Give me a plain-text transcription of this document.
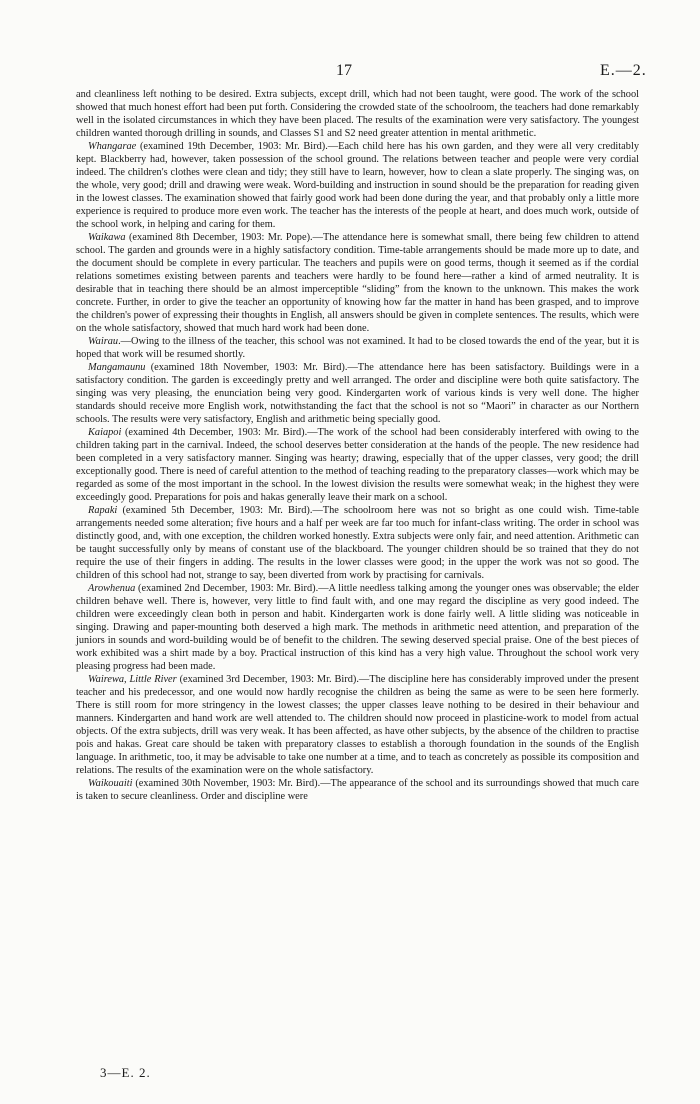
17	E.—2.

and cleanliness left nothing to be desired. Extra subjects, except drill, which had not been taught, were good. The work of the school showed that much honest effort had been put forth. Considering the crowded state of the schoolroom, the teachers had done remarkably well in the isolated circumstances in which they have been placed. The results of the examination were very satisfactory. The youngest children wanted thorough drilling in sounds, and Classes S1 and S2 need greater attention in mental arithmetic.

Whangarae (examined 19th December, 1903: Mr. Bird).—Each child here has his own garden, and they were all very creditably kept. Blackberry had, however, taken possession of the school ground. The relations between teacher and people were very cordial indeed. The children's clothes were clean and tidy; they still have to learn, however, how to clean a slate properly. The singing was, on the whole, very good; drill and drawing were weak. Word-building and instruction in sound should be the preparation for reading given in the lowest classes. The examination showed that fairly good work had been done during the year, and that probably only a little more experience is required to produce more even work. The teacher has the interests of the people at heart, and does much work, outside of the school work, in helping and caring for them.

Waikawa (examined 8th December, 1903: Mr. Pope).—The attendance here is somewhat small, there being few children to attend school. The garden and grounds were in a highly satisfactory condition. Time-table arrangements should be made more up to date, and the document should be complete in every particular. The teachers and pupils were on good terms, though it seemed as if the cordial relations sometimes existing between parents and teachers were hardly to be found here—rather a kind of armed neutrality. It is desirable that in teaching there should be an almost imperceptible “sliding” from the known to the unknown. This makes the work concrete. Further, in order to give the teacher an opportunity of knowing how far the matter in hand has been grasped, and to improve the children's power of expressing their thoughts in English, all answers should be given in complete sentences. The results, which were on the whole satisfactory, showed that much hard work had been done.

Wairau.—Owing to the illness of the teacher, this school was not examined. It had to be closed towards the end of the year, but it is hoped that work will be resumed shortly.

Mangamaunu (examined 18th November, 1903: Mr. Bird).—The attendance here has been satisfactory. Buildings were in a satisfactory condition. The garden is exceedingly pretty and well arranged. The order and discipline were both quite satisfactory. The singing was very pleasing, the enunciation being very good. Kindergarten work of various kinds is very well done. The higher standards should receive more English work, notwithstanding the fact that the school is not so “Maori” in character as our Northern schools. The results were very satisfactory, English and arithmetic being specially good.

Kaiapoi (examined 4th December, 1903: Mr. Bird).—The work of the school had been considerably interfered with owing to the children taking part in the carnival. Indeed, the school deserves better consideration at the hands of the people. The new residence had been completed in a very satisfactory manner. Singing was hearty; drawing, especially that of the upper classes, very good; the drill exceptionally good. There is need of careful attention to the method of teaching reading to the preparatory classes—work which may be regarded as some of the most important in the school. In the lowest division the results were somewhat weak; in the highest they were exceedingly good. Preparations for pois and hakas generally leave their mark on a school.

Rapaki (examined 5th December, 1903: Mr. Bird).—The schoolroom here was not so bright as one could wish. Time-table arrangements needed some alteration; five hours and a half per week are far too much for infant-class writing. The order in school was distinctly good, and, with one exception, the children worked honestly. Extra subjects were only fair, and need attention. Arithmetic can be taught successfully only by means of constant use of the blackboard. The younger children should be so trained that they do not require the use of their fingers in adding. The results in the lower classes were good; in the upper the work was not so good. The children of this school had not, strange to say, been diverted from work by practising for carnivals.

Arowhenua (examined 2nd December, 1903: Mr. Bird).—A little needless talking among the younger ones was observable; the elder children behave well. There is, however, very little to find fault with, and one may regard the discipline as very good indeed. The children were exceedingly clean both in person and habit. Kindergarten work is done fairly well. A little sliding was noticeable in singing. Drawing and paper-mounting both deserved a high mark. The methods in arithmetic need attention, and preparation of the juniors in sounds and word-building would be of benefit to the children. The sewing deserved special praise. One of the best pieces of work exhibited was a shirt made by a boy. Practical instruction of this kind has a very high value. Throughout the school work very pleasing progress had been made.

Wairewa, Little River (examined 3rd December, 1903: Mr. Bird).—The discipline here has considerably improved under the present teacher and his predecessor, and one would now hardly recognise the children as being the same as were to be seen here formerly. There is still room for more stringency in the lowest classes; the upper classes leave nothing to be desired in their behaviour and manners. Kindergarten and hand work are well attended to. The children should now proceed in plasticine-work to model from actual objects. Of the extra subjects, drill was very weak. It has been affected, as have other subjects, by the absence of the children to practise pois and hakas. Great care should be taken with preparatory classes to establish a thorough foundation in the sounds of the English language. In arithmetic, too, it may be advisable to take one number at a time, and to teach as concretely as possible its composition and relations. The results of the examination were on the whole satisfactory.

Waikouaiti (examined 30th November, 1903: Mr. Bird).—The appearance of the school and its surroundings showed that much care is taken to secure cleanliness. Order and discipline were

3—E. 2.
